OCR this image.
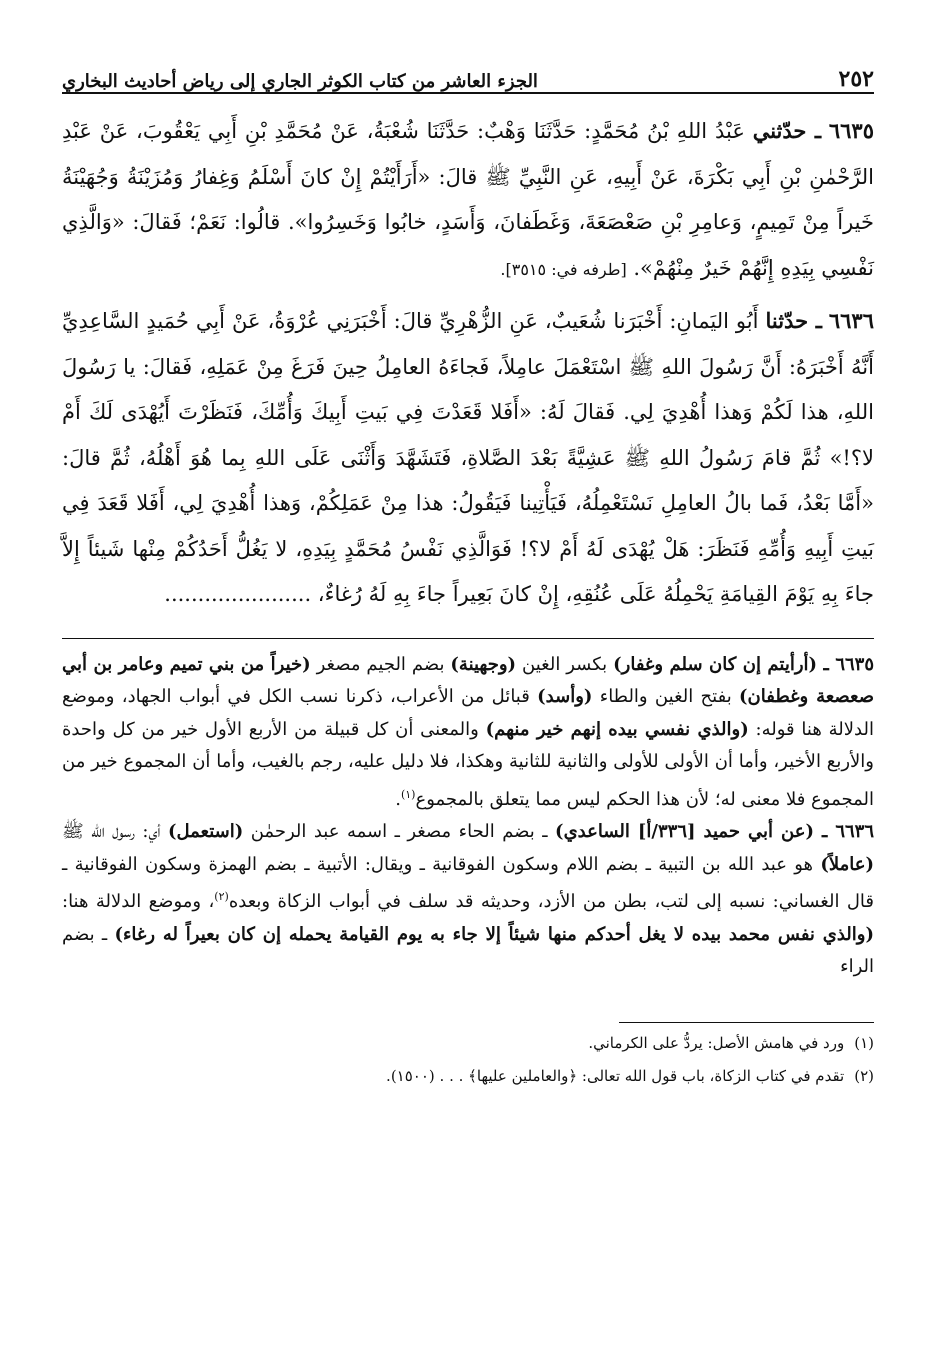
٢٥٢
الجزء العاشر من كتاب الكوثر الجاري إلى رياض أحاديث البخاري

٦٦٣٥ ـ حدّثني عَبْدُ اللهِ بْنُ مُحَمَّدٍ: حَدَّثَنَا وَهْبٌ: حَدَّثَنَا شُعْبَةُ، عَنْ مُحَمَّدِ بْنِ أَبِي يَعْقُوبَ، عَنْ عَبْدِ الرَّحْمٰنِ بْنِ أَبِي بَكْرَةَ، عَنْ أَبِيهِ، عَنِ النَّبِيِّ ﷺ قالَ: «أَرَأَيْتُمْ إِنْ كانَ أَسْلَمُ وَغِفارُ وَمُزَيْنَةُ وَجُهَيْنَةُ خَيراً مِنْ تَمِيمٍ، وَعامِرِ بْنِ صَعْصَعَةَ، وَغَطَفانَ، وَأَسَدٍ، خابُوا وَخَسِرُوا». قالُوا: نَعَمْ؛ فَقالَ: «وَالَّذِي نَفْسِي بِيَدِهِ إِنَّهُمْ خَيرٌ مِنْهُمْ». [طرفه في: ٣٥١٥].

٦٦٣٦ ـ حدّثنا أَبُو اليَمانِ: أَخْبَرَنا شُعَيبٌ، عَنِ الزُّهْرِيِّ قالَ: أَخْبَرَنِي عُرْوَةُ، عَنْ أَبِي حُمَيدٍ السَّاعِدِيِّ أَنَّهُ أَخْبَرَهُ: أَنَّ رَسُولَ اللهِ ﷺ اسْتَعْمَلَ عامِلاً، فَجاءَهُ العامِلُ حِينَ فَرَغَ مِنْ عَمَلِهِ، فَقالَ: يا رَسُولَ اللهِ، هذا لَكُمْ وَهذا أُهْدِيَ لِي. فَقالَ لَهُ: «أَفَلا قَعَدْتَ فِي بَيتِ أَبِيكَ وَأُمِّكَ، فَنَظَرْتَ أَيُهْدَى لَكَ أَمْ لا؟!» ثُمَّ قامَ رَسُولُ اللهِ ﷺ عَشِيَّةً بَعْدَ الصَّلاةِ، فَتَشَهَّدَ وَأَثْنَى عَلَى اللهِ بِما هُوَ أَهْلُهُ، ثُمَّ قالَ: «أَمَّا بَعْدُ، فَما بالُ العامِلِ نَسْتَعْمِلُهُ، فَيَأْتِينا فَيَقُولُ: هذا مِنْ عَمَلِكُمْ، وَهذا أُهْدِيَ لِي، أَفَلا قَعَدَ فِي بَيتِ أَبِيهِ وَأُمِّهِ فَنَظَرَ: هَلْ يُهْدَى لَهُ أَمْ لا؟! فَوَالَّذِي نَفْسُ مُحَمَّدٍ بِيَدِهِ، لا يَغُلُّ أَحَدُكُمْ مِنْها شَيئاً إِلاَّ جاءَ بِهِ يَوْمَ القِيامَةِ يَحْمِلُهُ عَلَى عُنُقِهِ، إِنْ كانَ بَعِيراً جاءَ بِهِ لَهُ رُغاءٌ، ......................

٦٦٣٥ ـ (أرأيتم إن كان سلم وغفار) بكسر الغين (وجهينة) بضم الجيم مصغر (خيراً من بني تميم وعامر بن أبي صعصعة وغطفان) بفتح الغين والطاء (وأسد) قبائل من الأعراب، ذكرنا نسب الكل في أبواب الجهاد، وموضع الدلالة هنا قوله: (والذي نفسي بيده إنهم خير منهم) والمعنى أن كل قبيلة من الأربع الأول خير من كل واحدة والأربع الأخير، وأما أن الأولى للأولى والثانية للثانية وهكذا، فلا دليل عليه، رجم بالغيب، وأما أن المجموع خير من المجموع فلا معنى له؛ لأن هذا الحكم ليس مما يتعلق بالمجموع$^{(١)}$.

٦٦٣٦ ـ (عن أبي حميد [٣٣٦/أ] الساعدي) ـ بضم الحاء مصغر ـ اسمه عبد الرحمٰن (استعمل) أي: رسول الله ﷺ (عاملاً) هو عبد الله بن التبية ـ بضم اللام وسكون الفوقانية ـ ويقال: الأتبية ـ بضم الهمزة وسكون الفوقانية ـ قال الغساني: نسبه إلى لتب، بطن من الأزد، وحديثه قد سلف في أبواب الزكاة وبعده$^{(٢)}$، وموضع الدلالة هنا: (والذي نفس محمد بيده لا يغل أحدكم منها شيئاً إلا جاء به يوم القيامة يحمله إن كان بعيراً له رغاء) ـ بضم الراء

(١)
ورد في هامش الأصل: يردُّ على الكرماني.
(٢)
تقدم في كتاب الزكاة، باب قول الله تعالى: ﴿والعاملين عليها﴾ . . . (١٥٠٠).
